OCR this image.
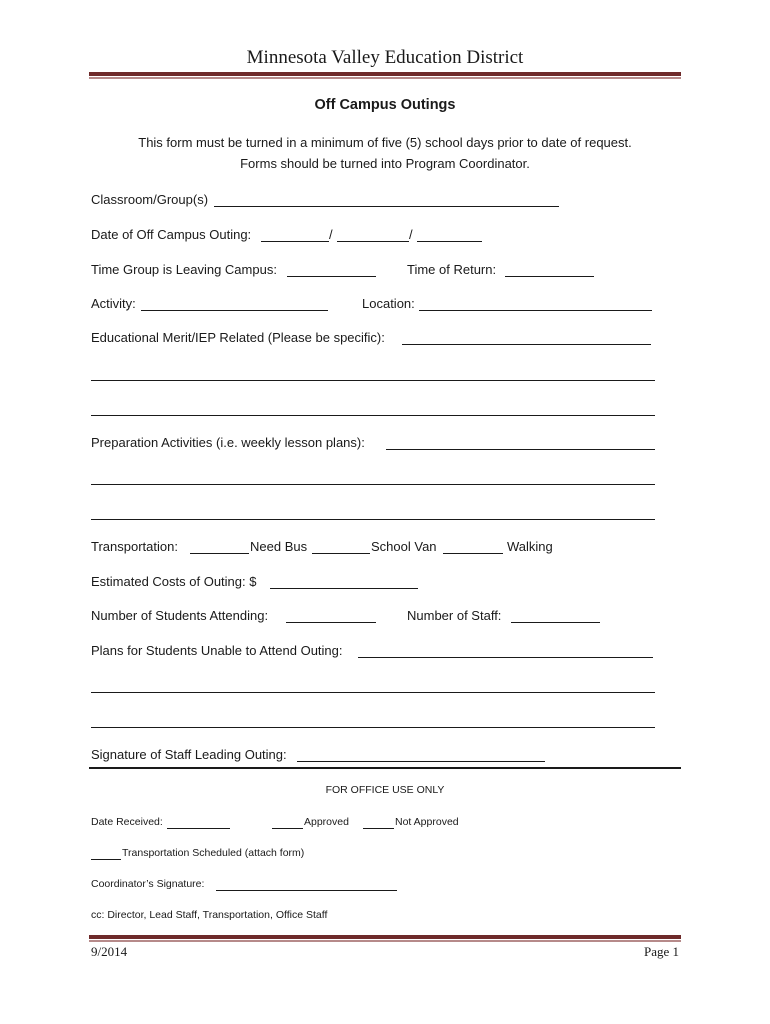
Minnesota Valley Education District
Off Campus Outings
This form must be turned in a minimum of five (5) school days prior to date of request.
Forms should be turned into Program Coordinator.
Classroom/Group(s)
Date of Off Campus Outing:	/	/
Time Group is Leaving Campus:	Time of Return:
Activity:	Location:
Educational Merit/IEP Related (Please be specific):
Preparation Activities (i.e. weekly lesson plans):
Transportation:	Need Bus	School Van	Walking
Estimated Costs of Outing: $
Number of Students Attending:	Number of Staff:
Plans for Students Unable to Attend Outing:
Signature of Staff Leading Outing:
FOR OFFICE USE ONLY
Date Received:	Approved	Not Approved
Transportation Scheduled (attach form)
Coordinator’s Signature:
cc: Director, Lead Staff, Transportation, Office Staff
9/2014	Page 1
